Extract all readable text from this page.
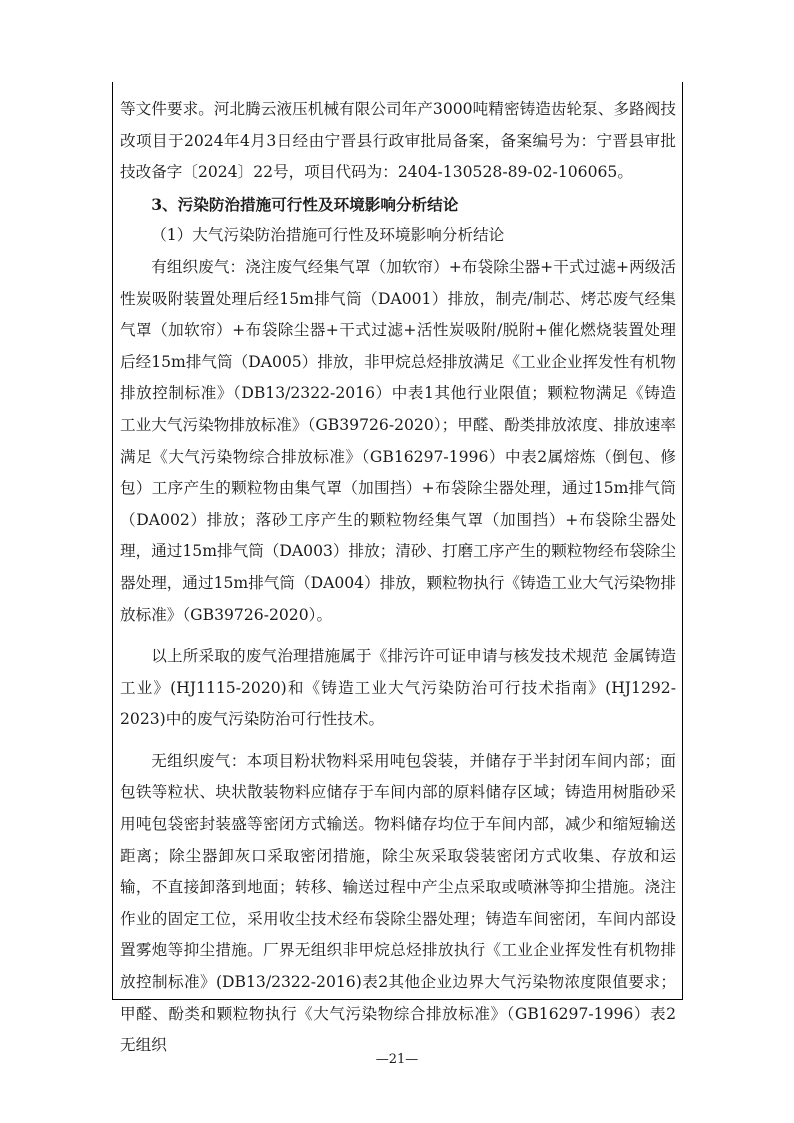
等文件要求。河北腾云液压机械有限公司年产3000吨精密铸造齿轮泵、多路阀技改项目于2024年4月3日经由宁晋县行政审批局备案，备案编号为：宁晋县审批技改备字〔2024〕22号，项目代码为：2404-130528-89-02-106065。

3、污染防治措施可行性及环境影响分析结论

（1）大气污染防治措施可行性及环境影响分析结论

有组织废气：浇注废气经集气罩（加软帘）+布袋除尘器+干式过滤+两级活性炭吸附装置处理后经15m排气筒（DA001）排放，制壳/制芯、烤芯废气经集气罩（加软帘）+布袋除尘器+干式过滤+活性炭吸附/脱附+催化燃烧装置处理后经15m排气筒（DA005）排放，非甲烷总烃排放满足《工业企业挥发性有机物排放控制标准》（DB13/2322-2016）中表1其他行业限值；颗粒物满足《铸造工业大气污染物排放标准》（GB39726-2020）；甲醛、酚类排放浓度、排放速率满足《大气污染物综合排放标准》（GB16297-1996）中表2属熔炼（倒包、修包）工序产生的颗粒物由集气罩（加围挡）+布袋除尘器处理，通过15m排气筒（DA002）排放；落砂工序产生的颗粒物经集气罩（加围挡）+布袋除尘器处理，通过15m排气筒（DA003）排放；清砂、打磨工序产生的颗粒物经布袋除尘器处理，通过15m排气筒（DA004）排放，颗粒物执行《铸造工业大气污染物排放标准》（GB39726-2020）。

以上所采取的废气治理措施属于《排污许可证申请与核发技术规范 金属铸造工业》(HJ1115-2020)和《铸造工业大气污染防治可行技术指南》(HJ1292-2023)中的废气污染防治可行性技术。

无组织废气：本项目粉状物料采用吨包袋装，并储存于半封闭车间内部；面包铁等粒状、块状散装物料应储存于车间内部的原料储存区域；铸造用树脂砂采用吨包袋密封装盛等密闭方式输送。物料储存均位于车间内部，减少和缩短输送距离；除尘器卸灰口采取密闭措施，除尘灰采取袋装密闭方式收集、存放和运输，不直接卸落到地面；转移、输送过程中产尘点采取或喷淋等抑尘措施。浇注作业的固定工位，采用收尘技术经布袋除尘器处理；铸造车间密闭，车间内部设置雾炮等抑尘措施。厂界无组织非甲烷总烃排放执行《工业企业挥发性有机物排放控制标准》(DB13/2322-2016)表2其他企业边界大气污染物浓度限值要求；甲醛、酚类和颗粒物执行《大气污染物综合排放标准》（GB16297-1996）表2无组织

—21—
